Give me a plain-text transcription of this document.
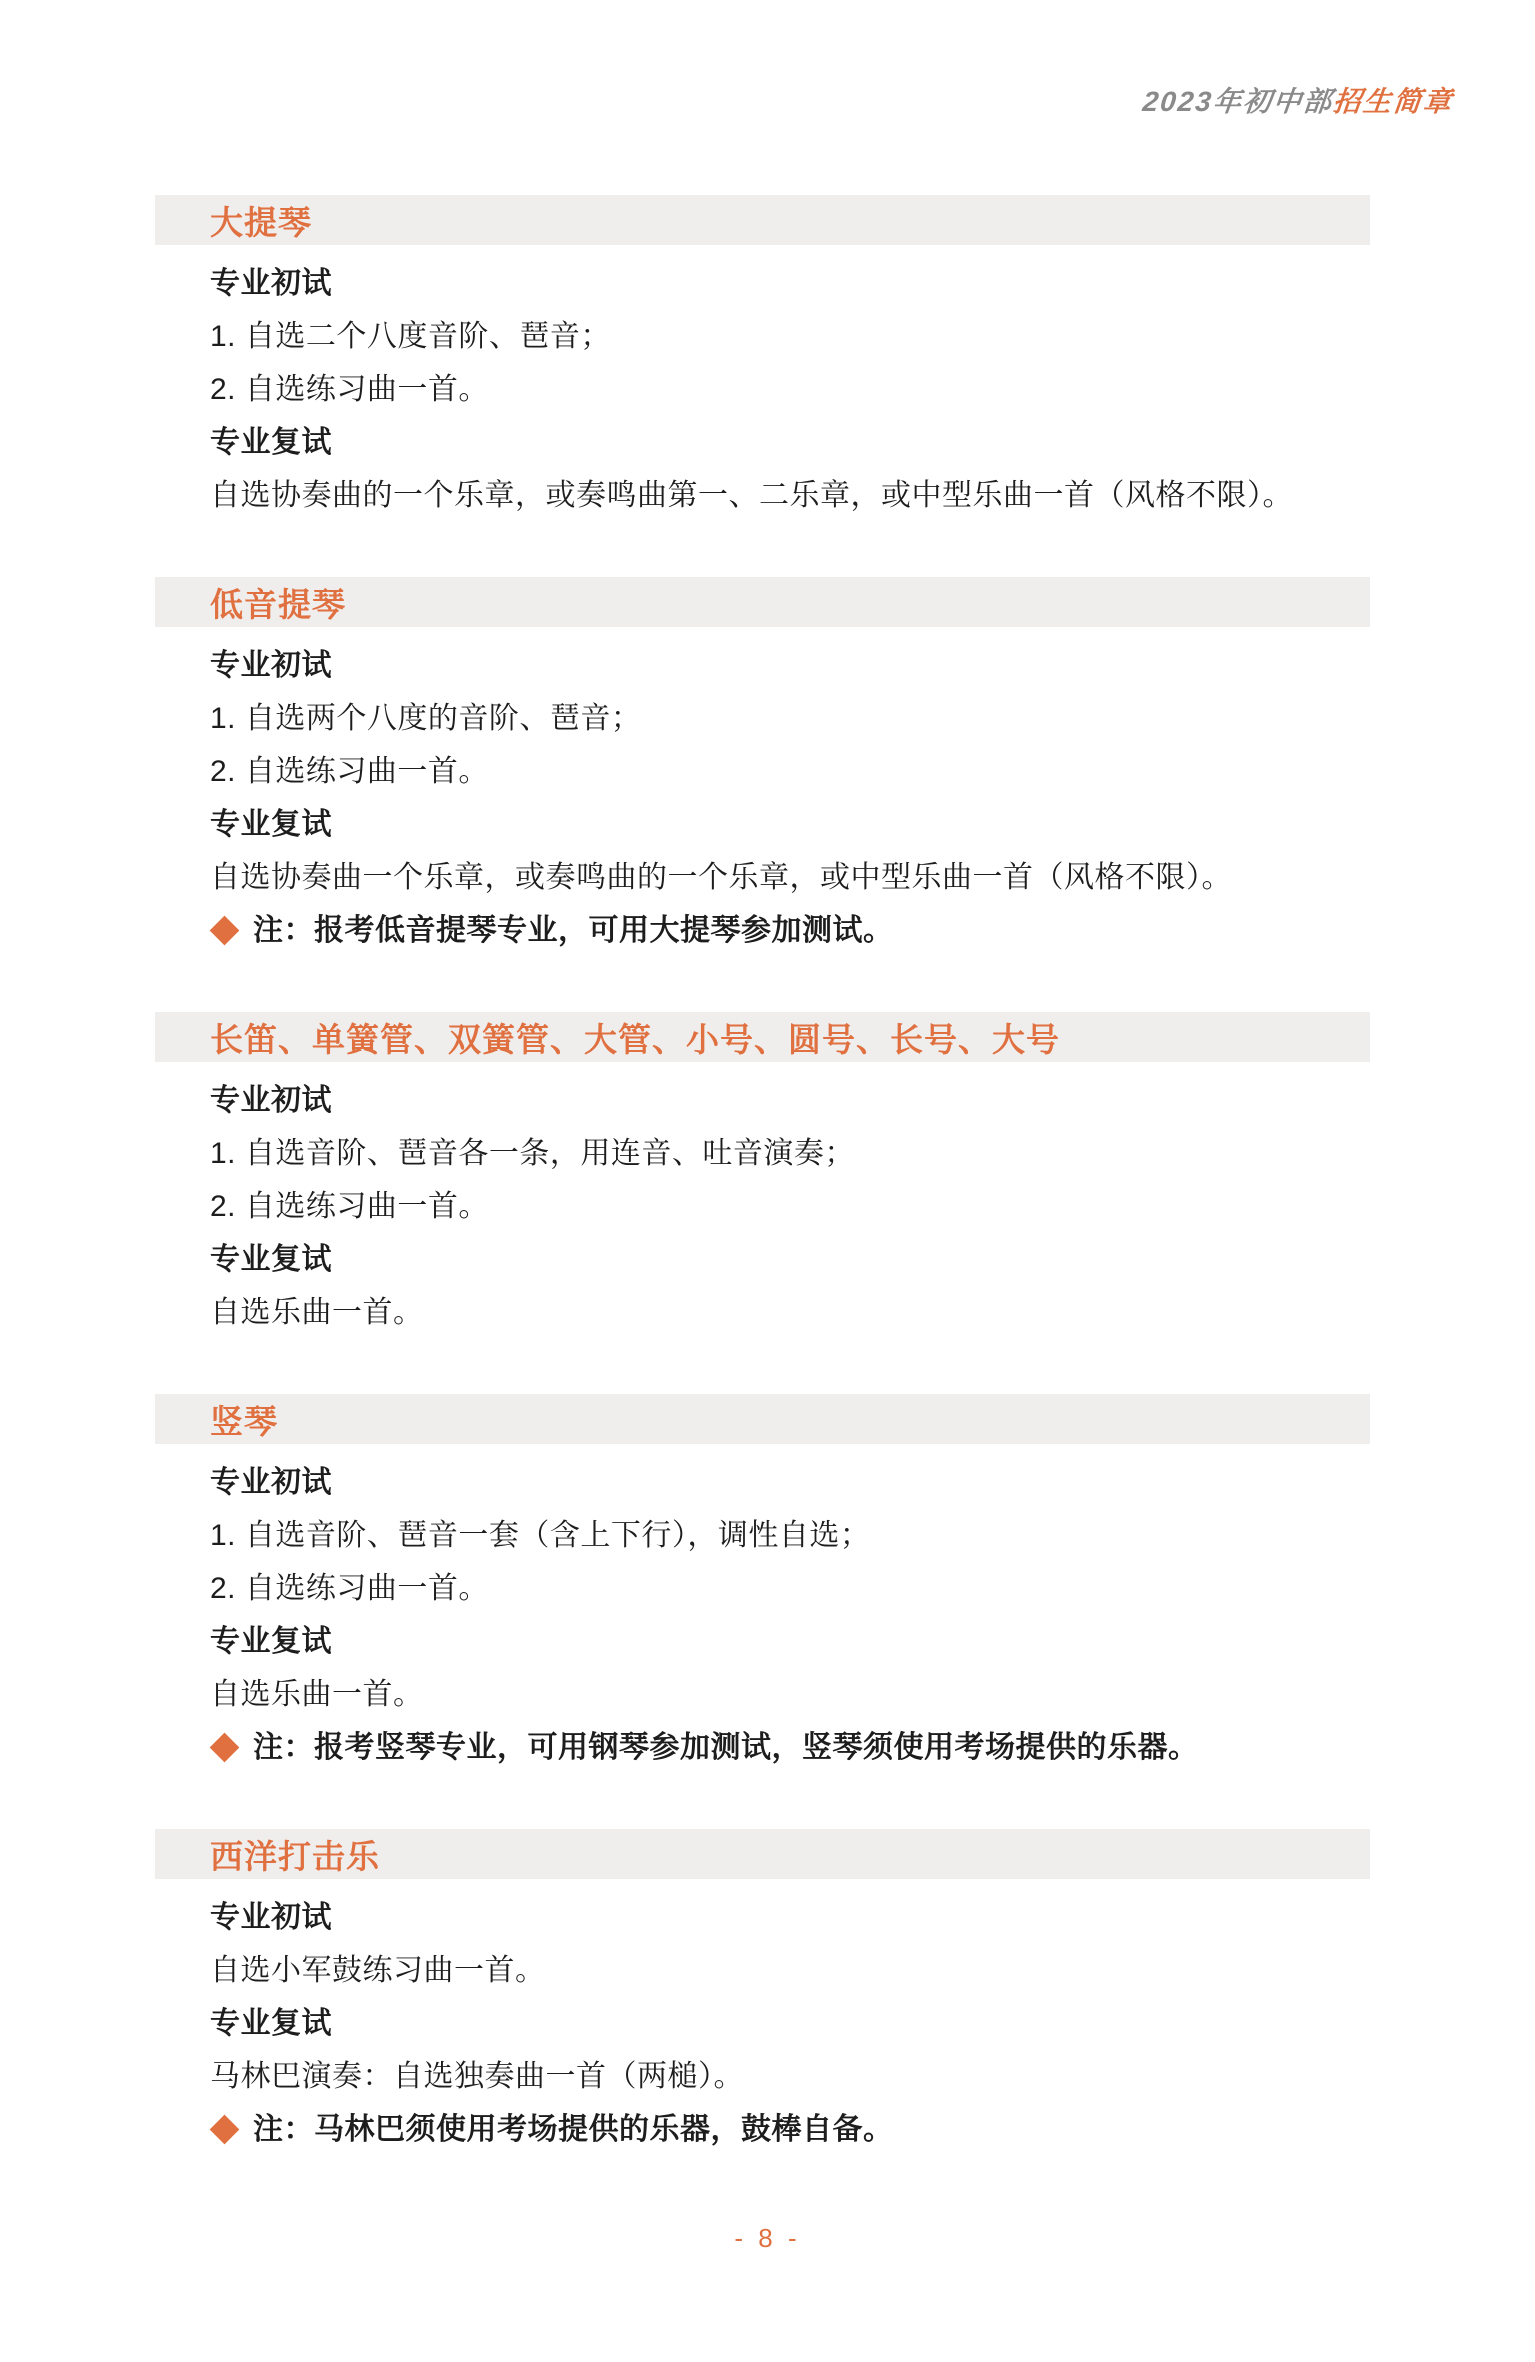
2023年初中部招生简章
大提琴

专业初试

1. 自选二个八度音阶、琶音；

2. 自选练习曲一首。

专业复试

自选协奏曲的一个乐章，或奏鸣曲第一、二乐章，或中型乐曲一首（风格不限）。

低音提琴

专业初试

1. 自选两个八度的音阶、琶音；

2. 自选练习曲一首。

专业复试

自选协奏曲一个乐章，或奏鸣曲的一个乐章，或中型乐曲一首（风格不限）。

注：报考低音提琴专业，可用大提琴参加测试。

长笛、单簧管、双簧管、大管、小号、圆号、长号、大号

专业初试

1. 自选音阶、琶音各一条，用连音、吐音演奏；

2. 自选练习曲一首。

专业复试

自选乐曲一首。

竖琴

专业初试

1. 自选音阶、琶音一套（含上下行），调性自选；

2. 自选练习曲一首。

专业复试

自选乐曲一首。

注：报考竖琴专业，可用钢琴参加测试，竖琴须使用考场提供的乐器。

西洋打击乐

专业初试

自选小军鼓练习曲一首。

专业复试

马林巴演奏：自选独奏曲一首（两槌）。

注：马林巴须使用考场提供的乐器，鼓棒自备。

- 8 -
